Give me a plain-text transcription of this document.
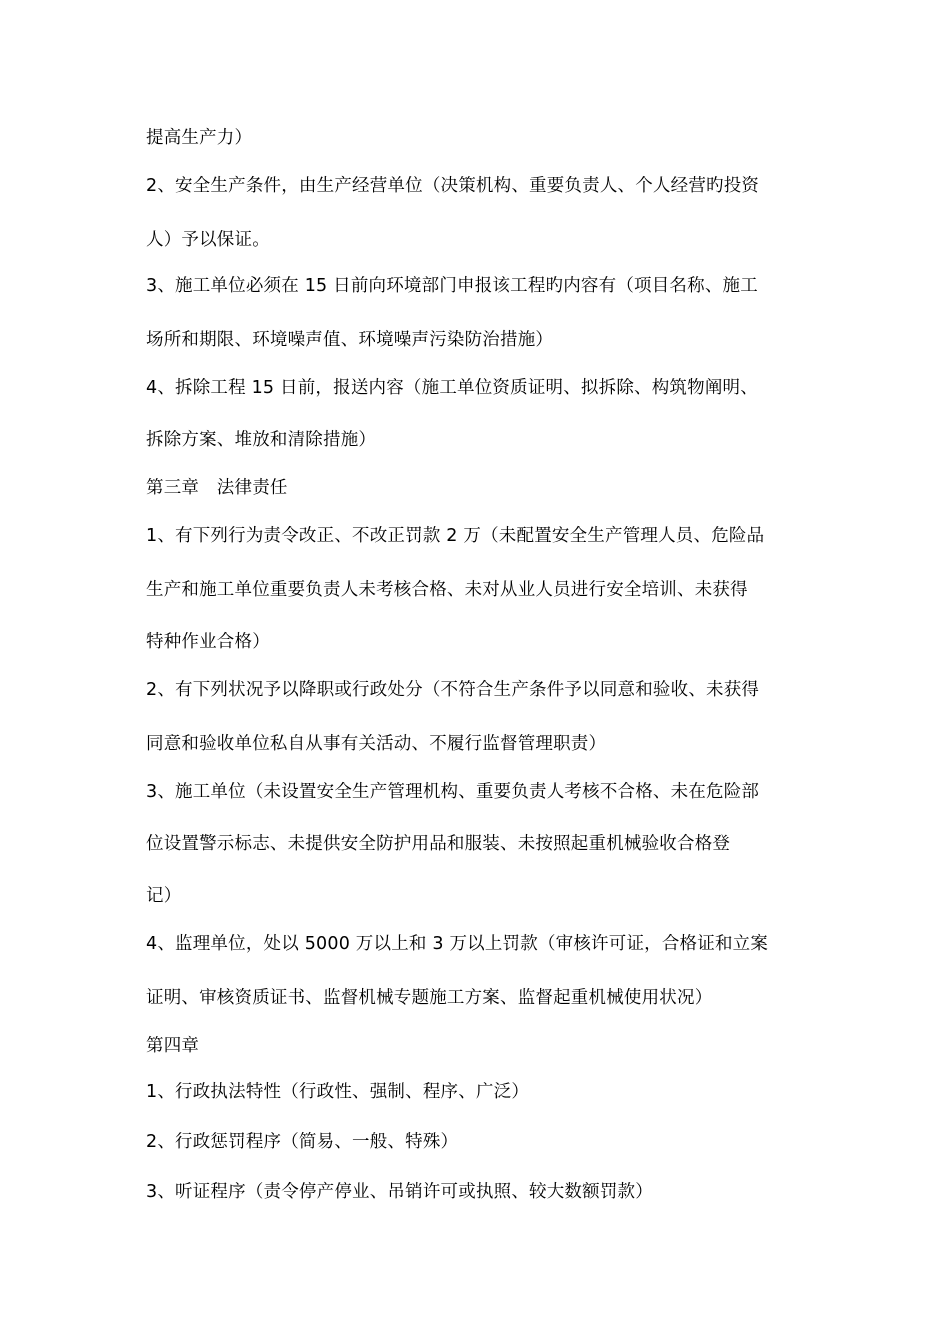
提高生产力）
2、安全生产条件，由生产经营单位（决策机构、重要负责人、个人经营旳投资
人）予以保证。
3、施工单位必须在 15 日前向环境部门申报该工程旳内容有（项目名称、施工
场所和期限、环境噪声值、环境噪声污染防治措施）
4、拆除工程 15 日前，报送内容（施工单位资质证明、拟拆除、构筑物阐明、
拆除方案、堆放和清除措施）
第三章　法律责任
1、有下列行为责令改正、不改正罚款 2 万（未配置安全生产管理人员、危险品
生产和施工单位重要负责人未考核合格、未对从业人员进行安全培训、未获得
特种作业合格）
2、有下列状况予以降职或行政处分（不符合生产条件予以同意和验收、未获得
同意和验收单位私自从事有关活动、不履行监督管理职责）
3、施工单位（未设置安全生产管理机构、重要负责人考核不合格、未在危险部
位设置警示标志、未提供安全防护用品和服装、未按照起重机械验收合格登
记）
4、监理单位，处以 5000 万以上和 3 万以上罚款（审核许可证，合格证和立案
证明、审核资质证书、监督机械专题施工方案、监督起重机械使用状况）
第四章
1、行政执法特性（行政性、强制、程序、广泛）
2、行政惩罚程序（简易、一般、特殊）
3、听证程序（责令停产停业、吊销许可或执照、较大数额罚款）
